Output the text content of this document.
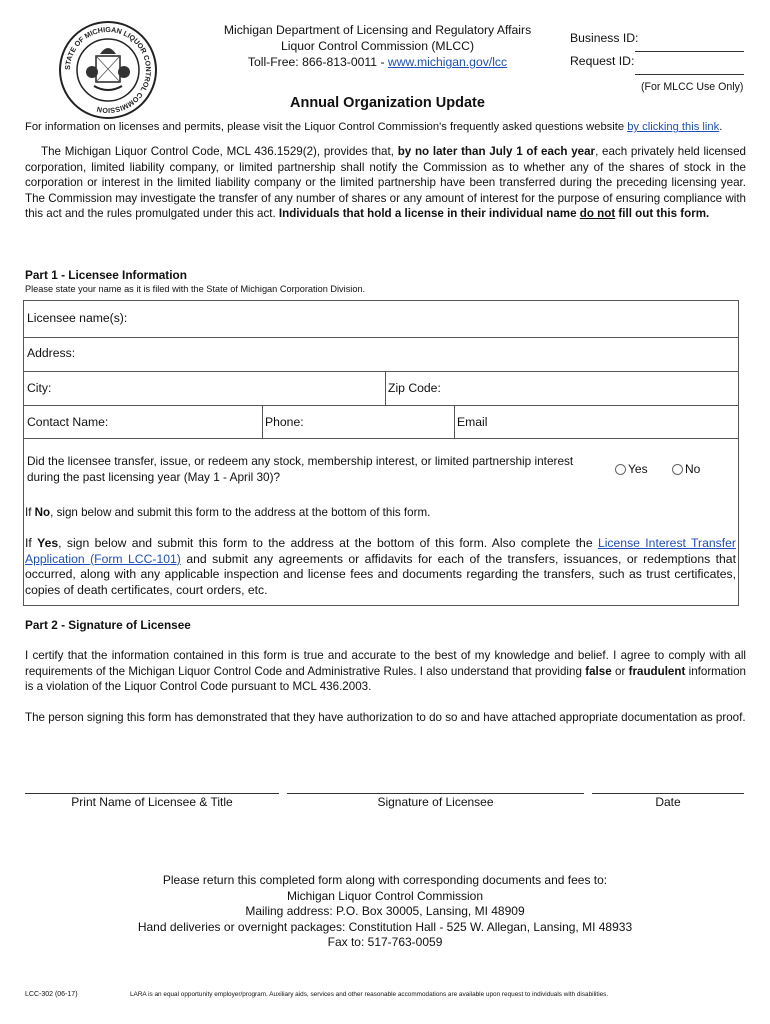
STATE OF MICHIGAN LIQUOR CONTROL COMMISSION
Michigan Department of Licensing and Regulatory Affairs
Liquor Control Commission (MLCC)
Toll-Free: 866-813-0011 - www.michigan.gov/lcc
Business ID:
Request ID:
(For MLCC Use Only)
Annual Organization Update
For information on licenses and permits, please visit the Liquor Control Commission's frequently asked questions website by clicking this link.
The Michigan Liquor Control Code, MCL 436.1529(2), provides that, by no later than July 1 of each year, each privately held licensed corporation, limited liability company, or limited partnership shall notify the Commission as to whether any of the shares of stock in the corporation or interest in the limited liability company or the limited partnership have been transferred during the preceding licensing year. The Commission may investigate the transfer of any number of shares or any amount of interest for the purpose of ensuring compliance with this act and the rules promulgated under this act. Individuals that hold a license in their individual name do not fill out this form.
Part 1 - Licensee Information
Please state your name as it is filed with the State of Michigan Corporation Division.
Licensee name(s):
Address:
City:	Zip Code:
Contact Name:	Phone:	Email
Did the licensee transfer, issue, or redeem any stock, membership interest, or limited partnership interest during the past licensing year (May 1 - April 30)?
Yes	No
If No, sign below and submit this form to the address at the bottom of this form.
If Yes, sign below and submit this form to the address at the bottom of this form. Also complete the License Interest Transfer Application (Form LCC-101) and submit any agreements or affidavits for each of the transfers, issuances, or redemptions that occurred, along with any applicable inspection and license fees and documents regarding the transfers, such as trust certificates, copies of death certificates, court orders, etc.
Part 2 - Signature of Licensee
I certify that the information contained in this form is true and accurate to the best of my knowledge and belief. I agree to comply with all requirements of the Michigan Liquor Control Code and Administrative Rules. I also understand that providing false or fraudulent information is a violation of the Liquor Control Code pursuant to MCL 436.2003.
The person signing this form has demonstrated that they have authorization to do so and have attached appropriate documentation as proof.
Print Name of Licensee & Title	Signature of Licensee	Date
Please return this completed form along with corresponding documents and fees to:
Michigan Liquor Control Commission
Mailing address: P.O. Box 30005, Lansing, MI 48909
Hand deliveries or overnight packages: Constitution Hall - 525 W. Allegan, Lansing, MI 48933
Fax to: 517-763-0059
LCC-302 (06-17)	LARA is an equal opportunity employer/program. Auxiliary aids, services and other reasonable accommodations are available upon request to individuals with disabilities.
